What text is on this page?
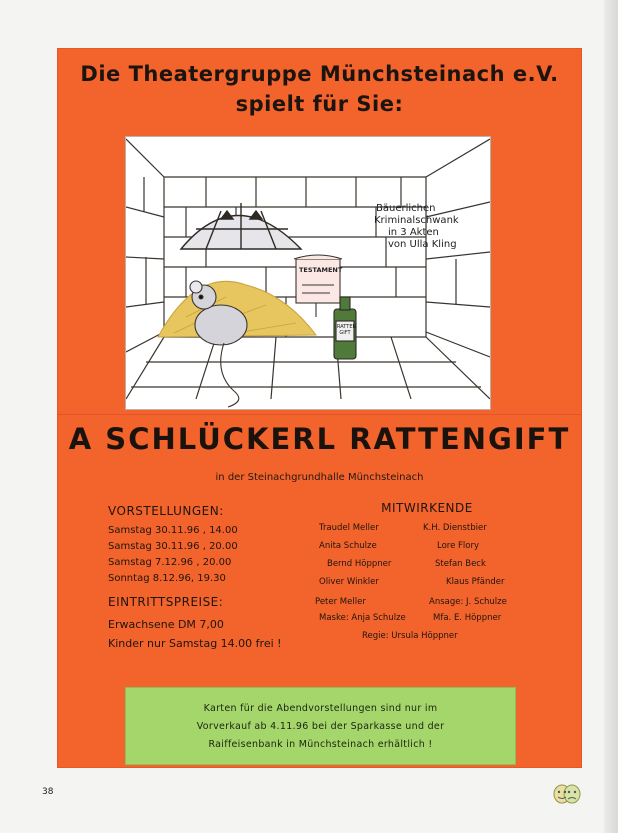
Die Theatergruppe Münchsteinach e.V.
spielt für Sie:
Bäuerlichen
Kriminalschwank
in 3 Akten
von Ulla Kling
TESTAMENT
RATTEN GIFT
A SCHLÜCKERL RATTENGIFT
in der Steinachgrundhalle Münchsteinach
VORSTELLUNGEN:
Samstag 30.11.96 , 14.00
Samstag 30.11.96 , 20.00
Samstag 7.12.96 , 20.00
Sonntag 8.12.96, 19.30
EINTRITTSPREISE:
Erwachsene DM 7,00
Kinder nur Samstag 14.00 frei !
MITWIRKENDE
Traudel Meller	K.H. Dienstbier
Anita Schulze	Lore Flory
Bernd Höppner	Stefan Beck
Oliver Winkler	Klaus Pfänder
Peter Meller	Ansage: J. Schulze
Maske: Anja Schulze	Mfa. E. Höppner
Regie: Ursula Höppner
Karten für die Abendvorstellungen sind nur im
Vorverkauf ab 4.11.96 bei der Sparkasse und der
Raiffeisenbank in Münchsteinach erhältlich !
38
